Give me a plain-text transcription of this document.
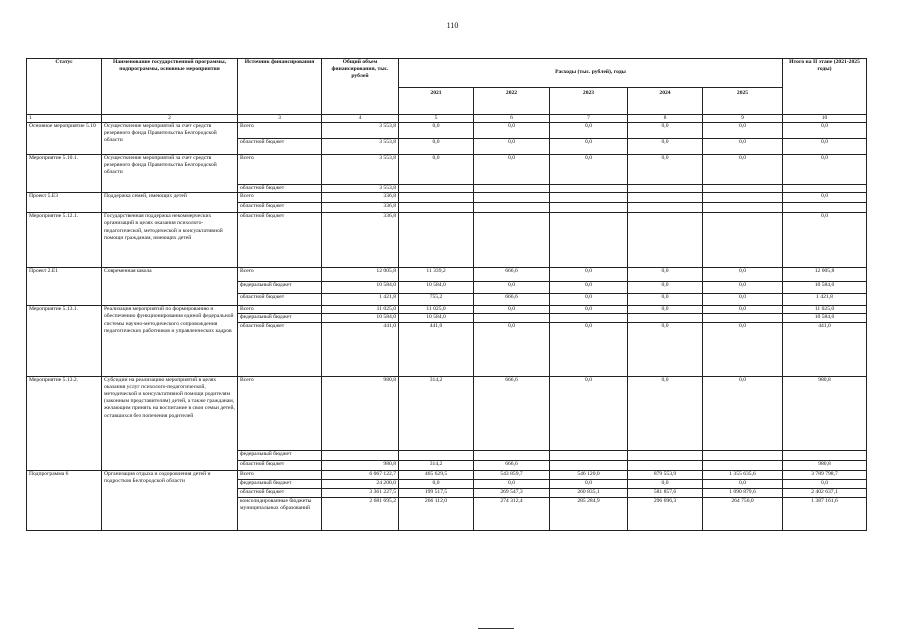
110
Статус	Наименование государственной программы, подпрограммы, основные мероприятия	Источник финансирования	Общий объем финансирования, тыс. рублей	Расходы (тыс. рублей), годы					Итого на II этапе (2021-2025 годы)
				2021	2022	2023	2024	2025	
1	2	3	4	5	6	7	8	9	10
Основное мероприятие 5.10	Осуществление мероприятий за счет средств резервного фонда Правительства Белгородской области	Всего	3 553,8	0,0	0,0	0,0	0,0	0,0	0,0
		областной бюджет	3 553,8	0,0	0,0	0,0	0,0	0,0	0,0
Мероприятие 5.10.1.	Осуществление мероприятий за счет средств резервного фонда Правительства Белгородской области	Всего	3 553,8	0,0	0,0	0,0	0,0	0,0	0,0
		областной бюджет	3 553,8						
Проект 5.Е3	Поддержка семей, имеющих детей	Всего	336,8						0,0
		областной бюджет	336,8						
Мероприятие 5.12.1.	Государственная поддержка некоммерческих организаций в целях оказания психолого-педагогической, методической и консультативной помощи гражданам, имеющих детей	областной бюджет	336,8						0,0
Проект 2.Е1	Современная школа	Всего	12 005,8	11 339,2	666,6	0,0	0,0	0,0	12 005,8
		федеральный бюджет	10 584,0	10 584,0	0,0	0,0	0,0	0,0	10 584,0
		областной бюджет	1 421,8	755,2	666,6	0,0	0,0	0,0	1 421,8
Мероприятие 5.13.1.	Реализация мероприятий по формированию и обеспечению функционирования единой федеральной системы научно-методического сопровождения педагогических работников и управленческих кадров	Всего	11 025,0	11 025,0	0,0	0,0	0,0	0,0	11 025,0
		федеральный бюджет	10 584,0	10 584,0					10 584,0
		областной бюджет	441,0	441,0	0,0	0,0	0,0	0,0	441,0
Мероприятие 5.13.2.	Субсидии на реализацию мероприятий в целях оказания услуг психолого-педагогической, методической и консультативной помощи родителям (законным представителям) детей, а также гражданам, желающим принять на воспитание в свои семьи детей, оставшихся без попечения родителей	Всего	980,8	314,2	666,6	0,0	0,0	0,0	980,8
		федеральный бюджет							
		областной бюджет	980,8	314,2	666,6				980,8
Подпрограмма 6	Организация отдыха и оздоровления детей и подростков Белгородской области	Всего	6 067 122,7	465 629,5	543 859,7	546 120,0	879 553,9	1 355 635,6	3 789 798,7
		федеральный бюджет	24 200,0	0,0	0,0	0,0	0,0	0,0	0,0
		областной бюджет	3 361 227,5	199 517,5	269 547,3	260 835,1	581 857,6	1 090 879,6	2 402 637,1
		консолидированные бюджеты муниципальных образований	2 681 695,2	266 112,0	274 312,4	285 284,9	296 696,3	264 756,0	1 387 161,6
